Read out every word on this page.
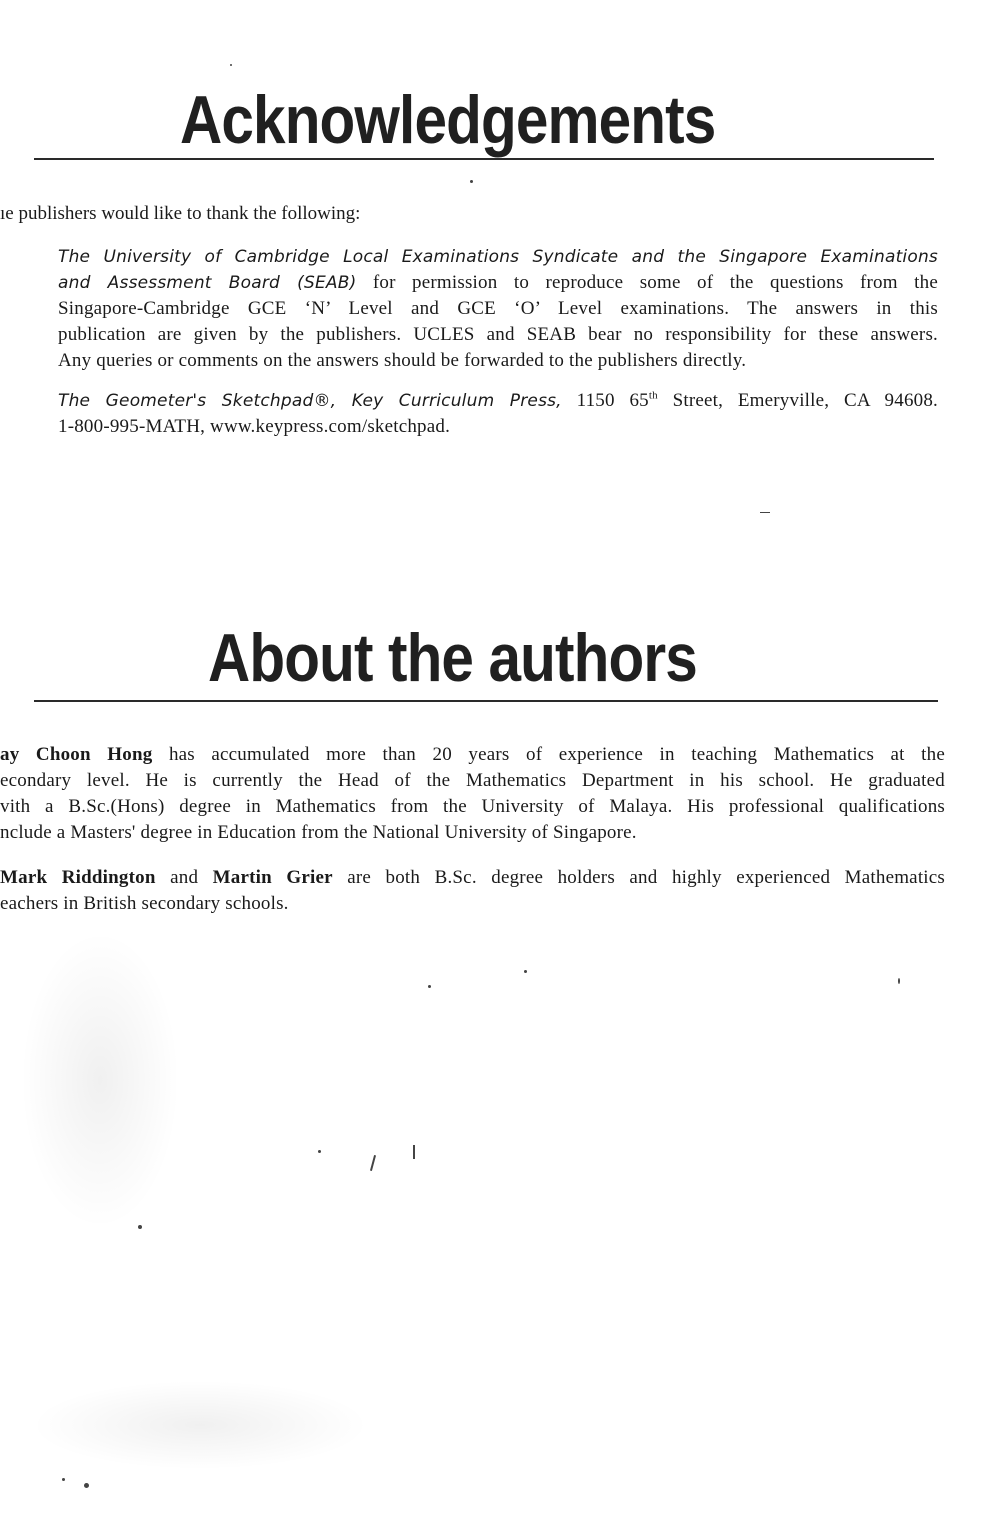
Acknowledgements
ıe publishers would like to thank the following:
The University of Cambridge Local Examinations Syndicate and the Singapore Examinations
and Assessment Board (SEAB) for permission to reproduce some of the questions from the
Singapore-Cambridge GCE ‘N’ Level and GCE ‘O’ Level examinations. The answers in this
publication are given by the publishers. UCLES and SEAB bear no responsibility for these answers.
Any queries or comments on the answers should be forwarded to the publishers directly.
The Geometer's Sketchpad®, Key Curriculum Press, 1150 65th Street, Emeryville, CA 94608.
1-800-995-MATH, www.keypress.com/sketchpad.
About the authors
ay Choon Hong has accumulated more than 20 years of experience in teaching Mathematics at the
econdary level. He is currently the Head of the Mathematics Department in his school. He graduated
vith a B.Sc.(Hons) degree in Mathematics from the University of Malaya. His professional qualifications
nclude a Masters' degree in Education from the National University of Singapore.
Mark Riddington and Martin Grier are both B.Sc. degree holders and highly experienced Mathematics
eachers in British secondary schools.
